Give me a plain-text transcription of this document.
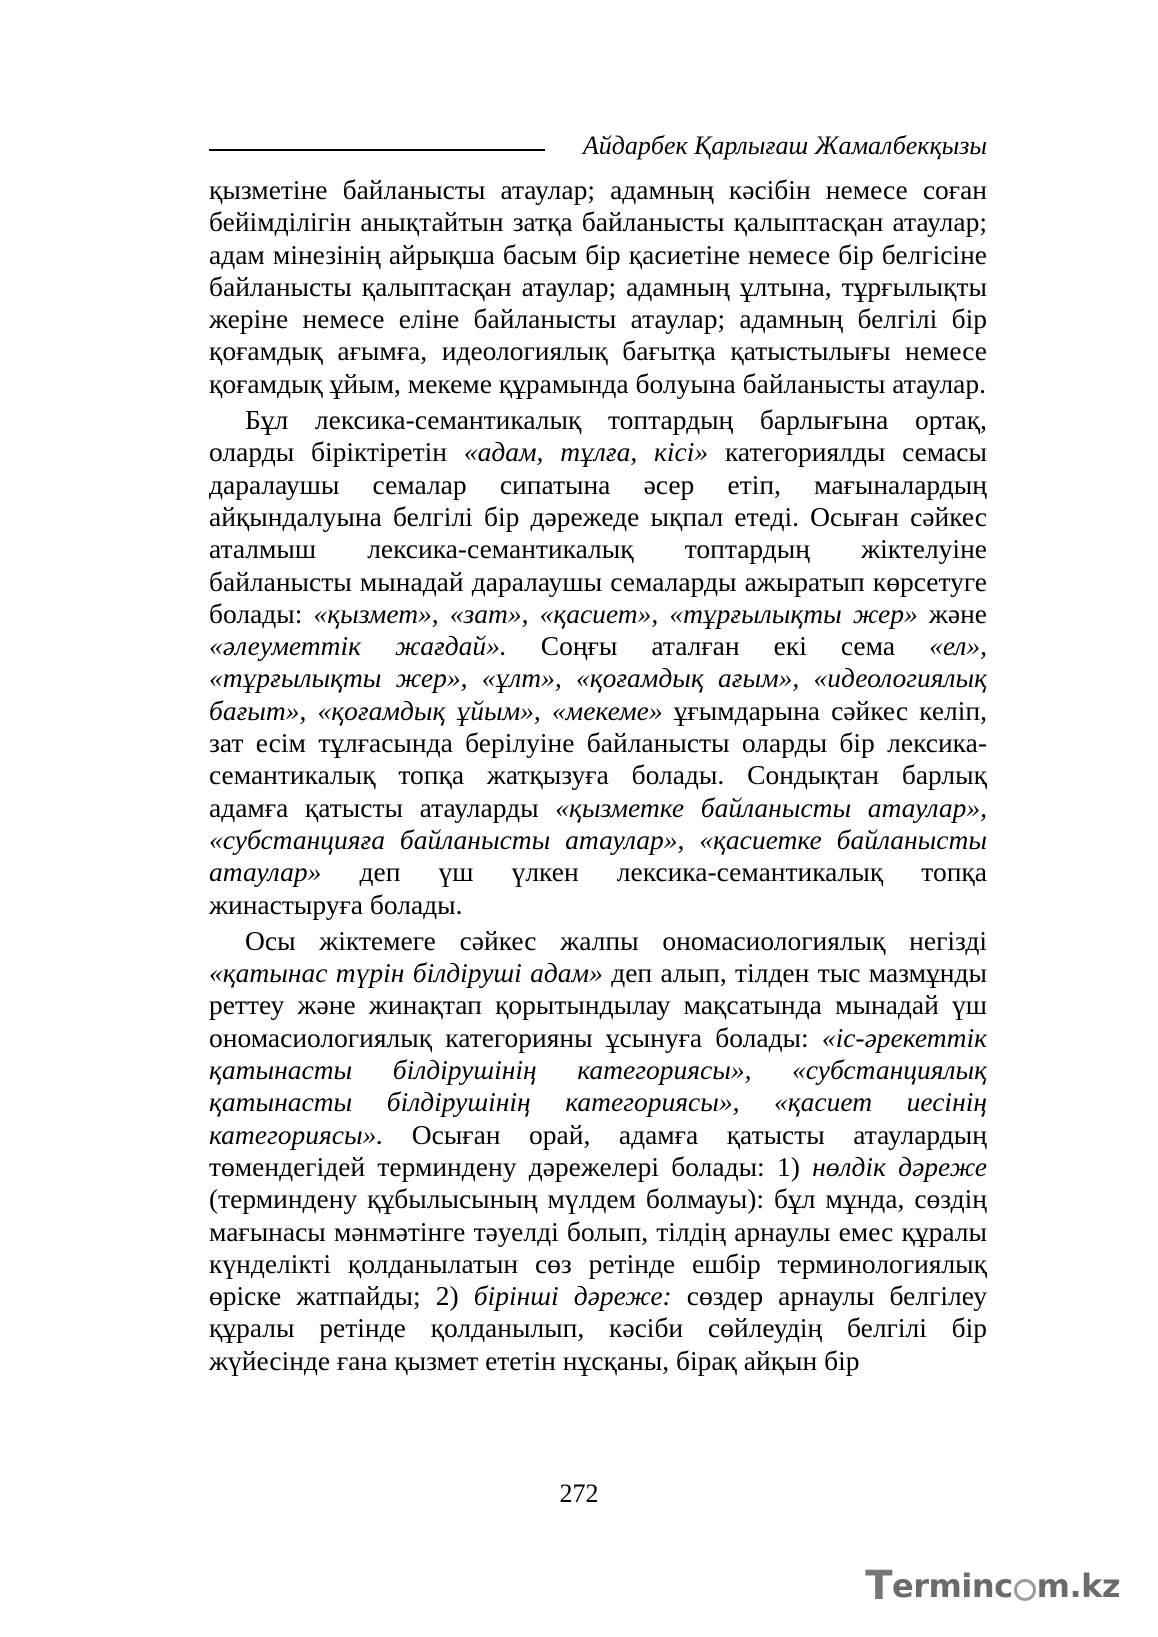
Айдарбек Қарлығаш Жамалбекқызы

қызметіне байланысты атаулар; адамның кәсібін немесе соған бейімділігін анықтайтын затқа байланысты қалыптасқан атаулар; адам мінезінің айрықша басым бір қасиетіне немесе бір белгісіне байланысты қалыптасқан атаулар; адамның ұлтына, тұрғылықты жеріне немесе еліне байланысты атаулар; адамның белгілі бір қоғамдық ағымға, идеологиялық бағытқа қатыстылығы немесе қоғамдық ұйым, мекеме құрамында болуына байланысты атаулар.

Бұл лексика-семантикалық топтардың барлығына ортақ, оларды біріктіретін «адам, тұлға, кісі» категориялды семасы даралаушы семалар сипатына әсер етіп, мағыналардың айқындалуына белгілі бір дәрежеде ықпал етеді. Осыған сәйкес аталмыш лексика-семантикалық топтардың жіктелуіне байланысты мынадай даралаушы семаларды ажыратып көрсетуге болады: «қызмет», «зат», «қасиет», «тұрғылықты жер» және «әлеуметтік жағдай». Соңғы аталған екі сема «ел», «тұрғылықты жер», «ұлт», «қоғамдық ағым», «идеологиялық бағыт», «қоғамдық ұйым», «мекеме» ұғымдарына сәйкес келіп, зат есім тұлғасында берілуіне байланысты оларды бір лексика-семантикалық топқа жатқызуға болады. Сондықтан барлық адамға қатысты атауларды «қызметке байланысты атаулар», «субстанцияға байланысты атаулар», «қасиетке байланысты атаулар» деп үш үлкен лексика-семантикалық топқа жинастыруға болады.

Осы жіктемеге сәйкес жалпы ономасиологиялық негізді «қатынас түрін білдіруші адам» деп алып, тілден тыс мазмұнды реттеу және жинақтап қорытындылау мақсатында мынадай үш ономасиологиялық категорияны ұсынуға болады: «іс-әрекеттік қатынасты білдірушінің категориясы», «субстанциялық қатынасты білдірушінің категориясы», «қасиет иесінің категориясы». Осыған орай, адамға қатысты атаулардың төмендегідей терминдену дәрежелері болады: 1) нөлдік дәреже (терминдену құбылысының мүлдем болмауы): бұл мұнда, сөздің мағынасы мәнмәтінге тәуелді болып, тілдің арнаулы емес құралы күнделікті қолданылатын сөз ретінде ешбір терминологиялық өріске жатпайды; 2) бірінші дәреже: сөздер арнаулы белгілеу құралы ретінде қолданылып, кәсіби сөйлеудің белгілі бір жүйесінде ғана қызмет ететін нұсқаны, бірақ айқын бір

272
T erminc m.kz
